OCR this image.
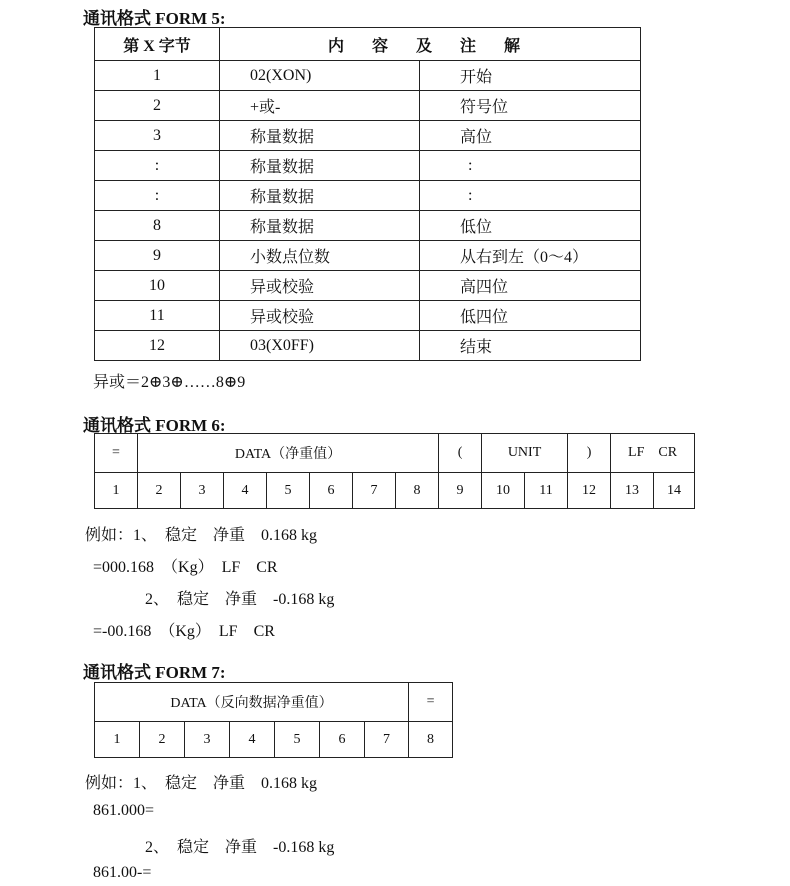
通讯格式 FORM 5:
第 X 字节	内 容 及 注 解	
1	02(XON)	开始
2	+或-	符号位
3	称量数据	高位
:	称量数据	:
:	称量数据	:
8	称量数据	低位
9	小数点位数	从右到左（0～4）
10	异或校验	高四位
11	异或校验	低四位
12	03(X0FF)	结束
异或＝2⊕3⊕……8⊕9
通讯格式 FORM 6:
=	DATA（净重值）							(	UNIT		)	LF    CR	
1	2	3	4	5	6	7	8	9	10	11	12	13	14
例如：1、  稳定    净重    0.168 kg
=000.168  （Kg）  LF    CR
2、  稳定    净重    -0.168 kg
=-00.168  （Kg）  LF    CR
通讯格式 FORM 7:
DATA（反向数据净重值）							=
1	2	3	4	5	6	7	8
例如：1、  稳定    净重    0.168 kg
861.000=
2、  稳定    净重    -0.168 kg
861.00-=
